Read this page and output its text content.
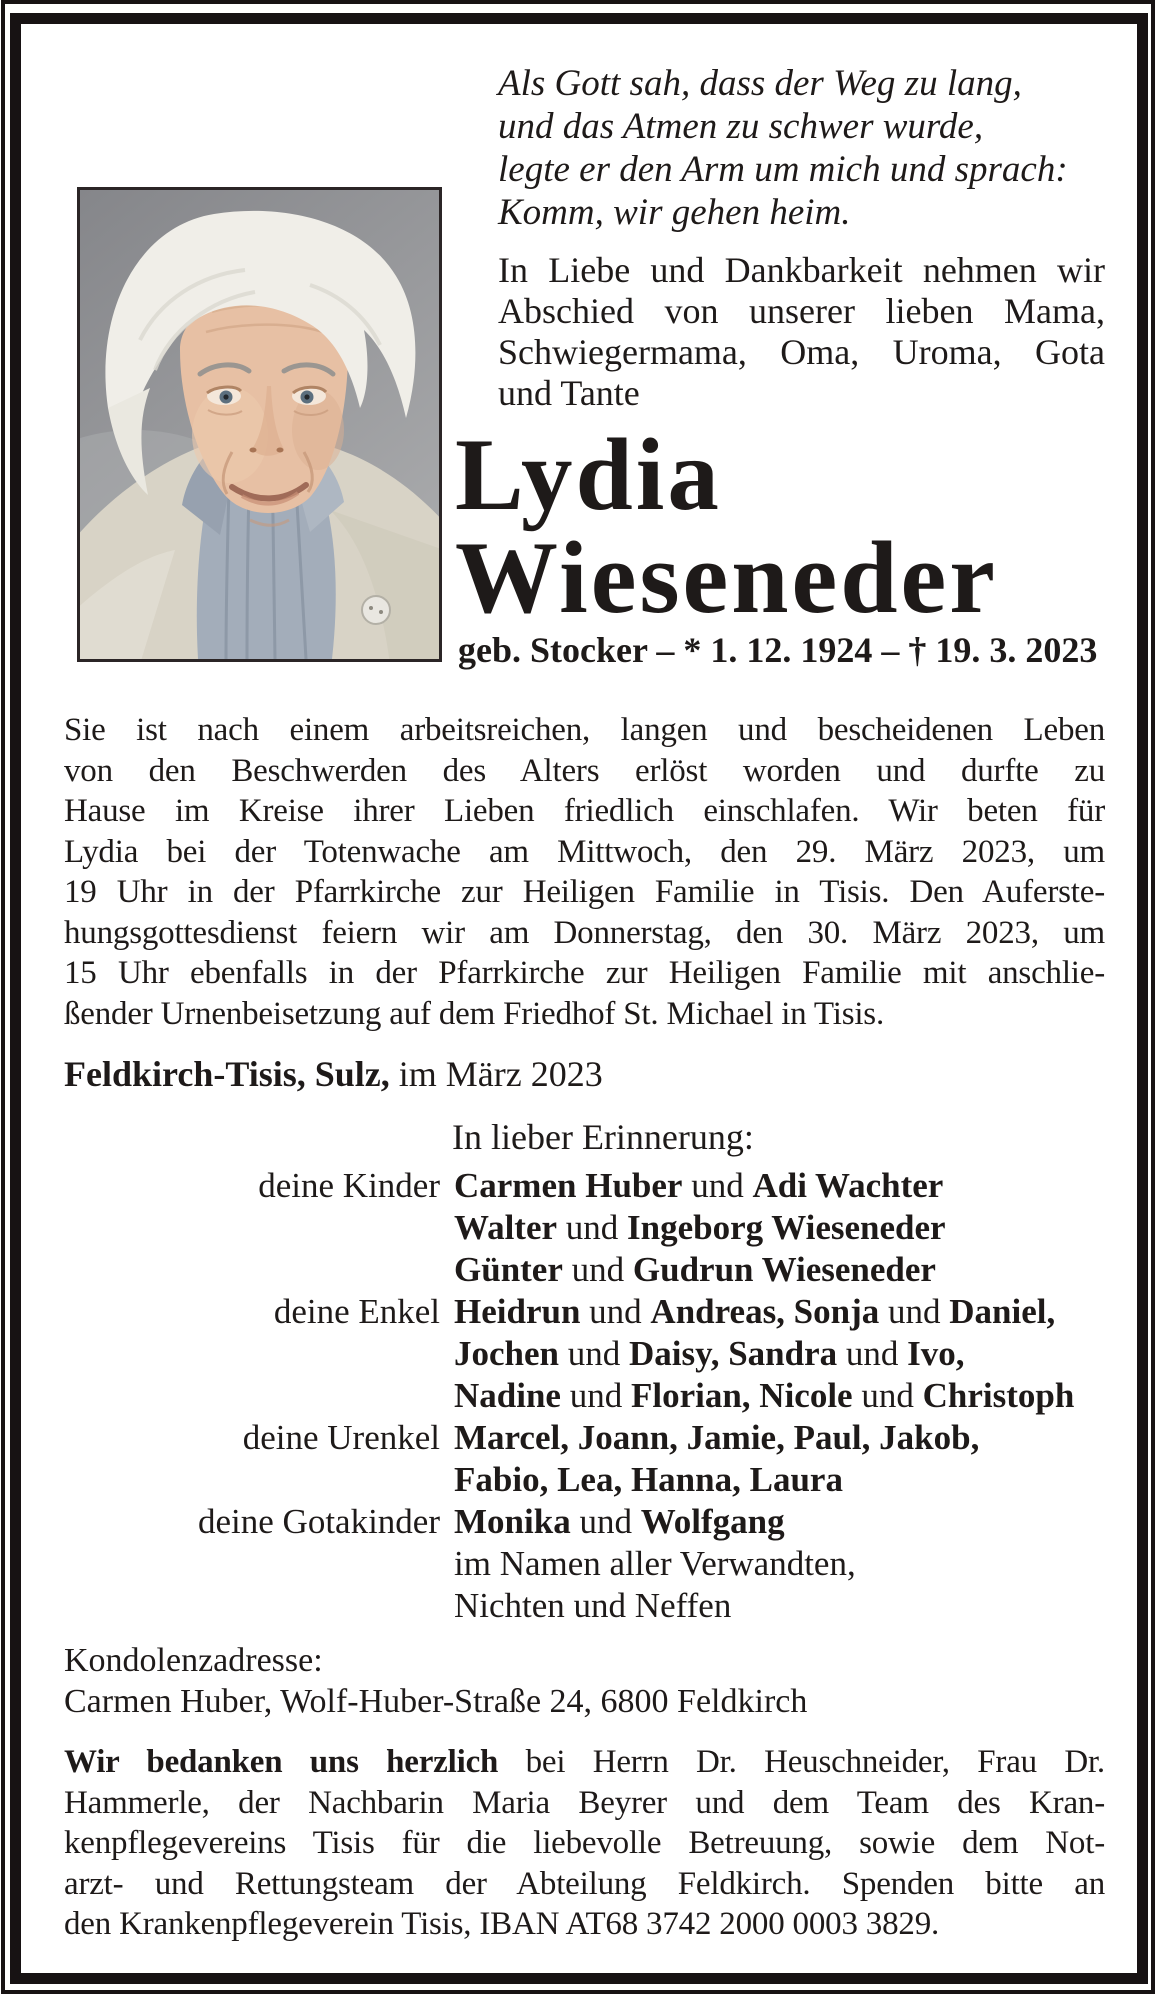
Als Gott sah, dass der Weg zu lang,
und das Atmen zu schwer wurde,
legte er den Arm um mich und sprach:
Komm, wir gehen heim.
In Liebe und Dankbarkeit nehmen wir
Abschied von unserer lieben Mama,
Schwiegermama, Oma, Uroma, Gota
und Tante
Lydia
Wieseneder
geb. Stocker – * 1. 12. 1924 – † 19. 3. 2023
Sie ist nach einem arbeitsreichen, langen und bescheidenen Leben
von den Beschwerden des Alters erlöst worden und durfte zu
Hause im Kreise ihrer Lieben friedlich einschlafen. Wir beten für
Lydia bei der Totenwache am Mittwoch, den 29. März 2023, um
19 Uhr in der Pfarrkirche zur Heiligen Familie in Tisis. Den Auferste-
hungsgottesdienst feiern wir am Donnerstag, den 30. März 2023, um
15 Uhr ebenfalls in der Pfarrkirche zur Heiligen Familie mit anschlie-
ßender Urnenbeisetzung auf dem Friedhof St. Michael in Tisis.
Feldkirch-Tisis, Sulz, im März 2023
In lieber Erinnerung:
deine Kinder Carmen Huber und Adi Wachter
Walter und Ingeborg Wieseneder
Günter und Gudrun Wieseneder
deine Enkel Heidrun und Andreas, Sonja und Daniel,
Jochen und Daisy, Sandra und Ivo,
Nadine und Florian, Nicole und Christoph
deine Urenkel Marcel, Joann, Jamie, Paul, Jakob,
Fabio, Lea, Hanna, Laura
deine Gotakinder Monika und Wolfgang
im Namen aller Verwandten,
Nichten und Neffen
Kondolenzadresse:
Carmen Huber, Wolf-Huber-Straße 24, 6800 Feldkirch
Wir bedanken uns herzlich bei Herrn Dr. Heuschneider, Frau Dr.
Hammerle, der Nachbarin Maria Beyrer und dem Team des Kran-
kenpflegevereins Tisis für die liebevolle Betreuung, sowie dem Not-
arzt- und Rettungsteam der Abteilung Feldkirch. Spenden bitte an
den Krankenpflegeverein Tisis, IBAN AT68 3742 2000 0003 3829.
